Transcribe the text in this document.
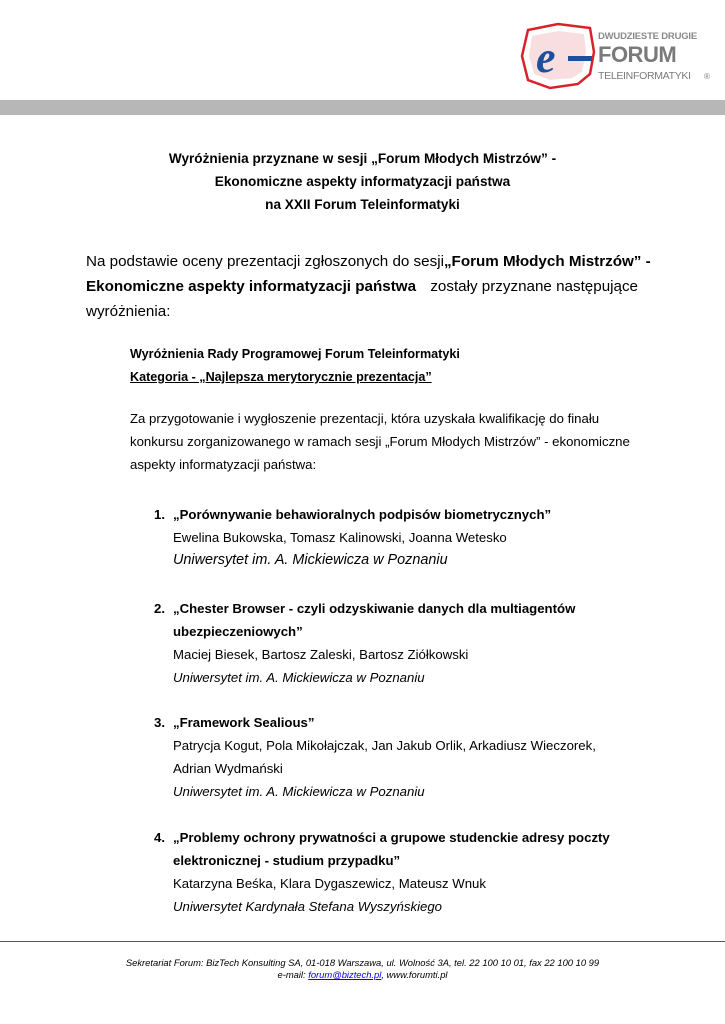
e	DWUDZIESTE DRUGIE
FORUM
TELEINFORMATYKI ®
Wyróżnienia przyznane w sesji „Forum Młodych Mistrzów” -
Ekonomiczne aspekty informatyzacji państwa
na XXII Forum Teleinformatyki
Na podstawie oceny prezentacji zgłoszonych do sesji „Forum Młodych Mistrzów” -
Ekonomiczne aspekty informatyzacji państwa zostały przyznane następujące
wyróżnienia:
Wyróżnienia Rady Programowej Forum Teleinformatyki
Kategoria - „Najlepsza merytorycznie prezentacja”
Za przygotowanie i wygłoszenie prezentacji, która uzyskała kwalifikację do finału
konkursu zorganizowanego w ramach sesji „Forum Młodych Mistrzów” - ekonomiczne
aspekty informatyzacji państwa:
1. „Porównywanie behawioralnych podpisów biometrycznych”
Ewelina Bukowska, Tomasz Kalinowski, Joanna Wetesko
Uniwersytet im. A. Mickiewicza w Poznaniu
2. „Chester Browser - czyli odzyskiwanie danych dla multiagentów
ubezpieczeniowych”
Maciej Biesek, Bartosz Zaleski, Bartosz Ziółkowski
Uniwersytet im. A. Mickiewicza w Poznaniu
3. „Framework Sealious”
Patrycja Kogut, Pola Mikołajczak, Jan Jakub Orlik, Arkadiusz Wieczorek,
Adrian Wydmański
Uniwersytet im. A. Mickiewicza w Poznaniu
4. „Problemy ochrony prywatności a grupowe studenckie adresy poczty
elektronicznej - studium przypadku”
Katarzyna Beśka, Klara Dygaszewicz, Mateusz Wnuk
Uniwersytet Kardynała Stefana Wyszyńskiego
Sekretariat Forum: BizTech Konsulting SA, 01-018 Warszawa, ul. Wolność 3A, tel. 22 100 10 01, fax 22 100 10 99
e-mail: forum@biztech.pl, www.forumti.pl
